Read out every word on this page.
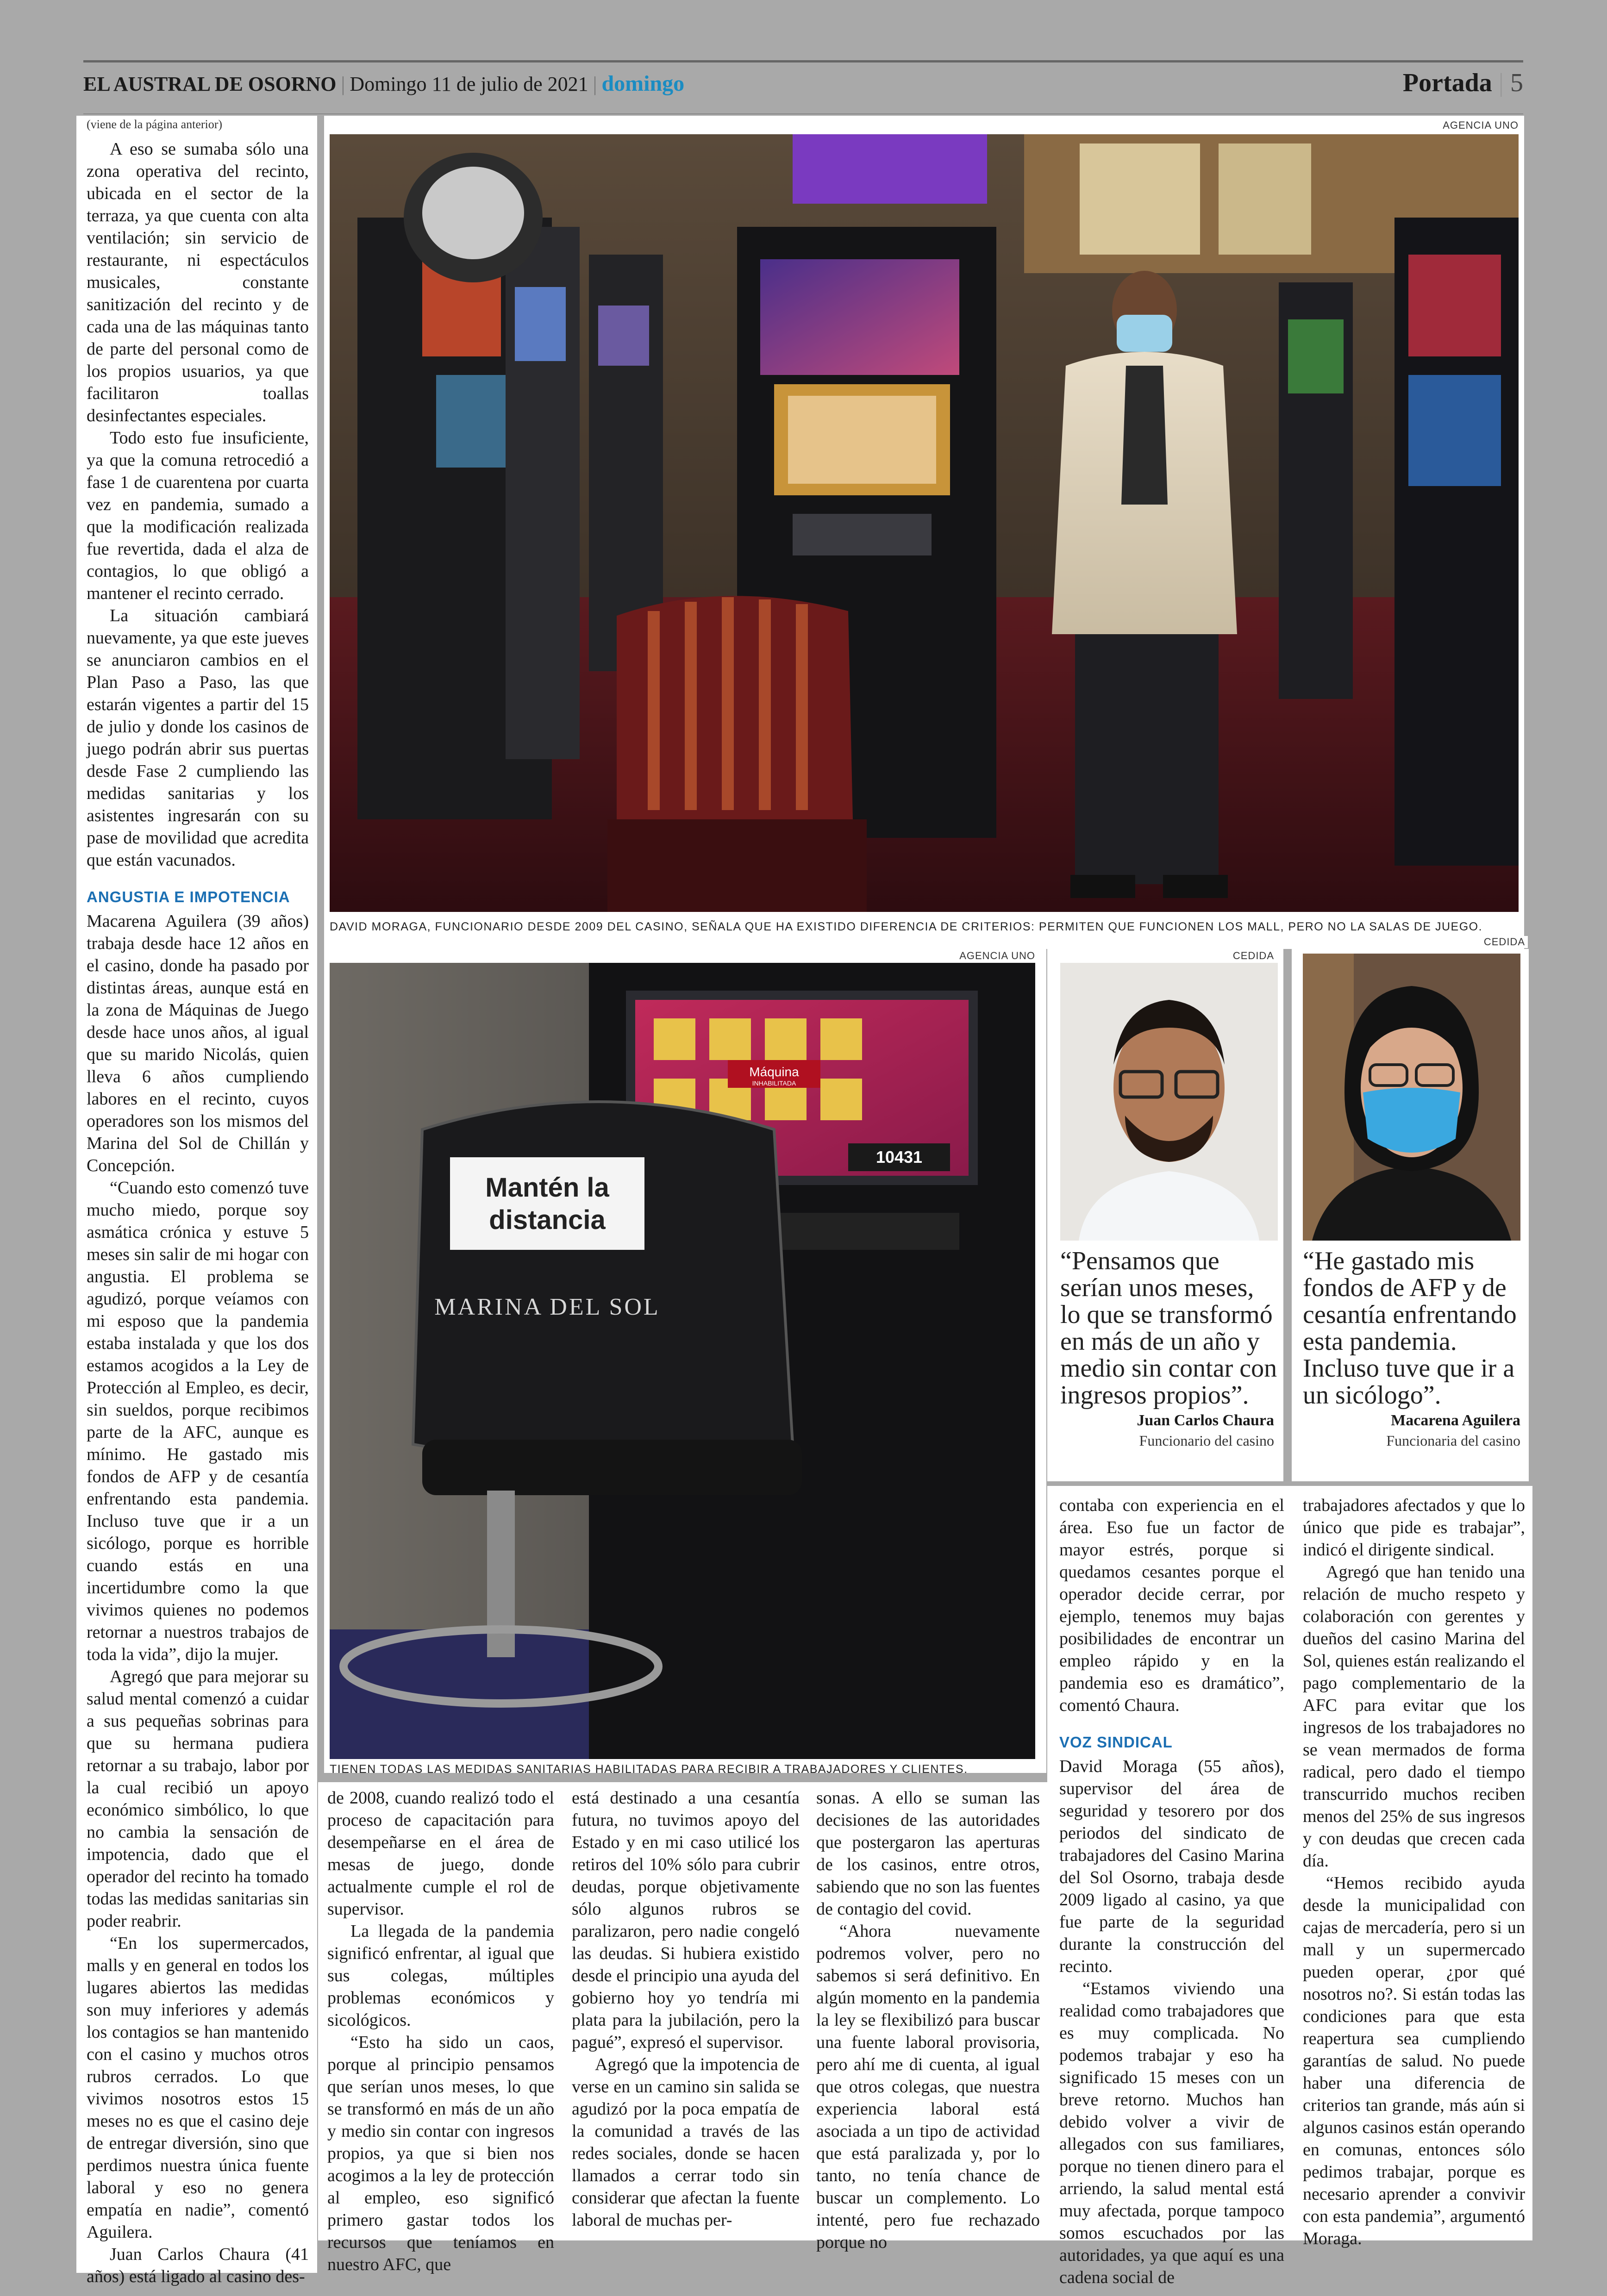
EL AUSTRAL DE OSORNO | Domingo 11 de julio de 2021 | domingo	Portada | 5
(viene de la página anterior)

A eso se sumaba sólo una zona operativa del recinto, ubicada en el sector de la terraza, ya que cuenta con alta ventilación; sin servicio de restaurante, ni espectáculos musicales, constante sanitización del recinto y de cada una de las máquinas tanto de parte del personal como de los propios usuarios, ya que facilitaron toallas desinfectantes especiales.

Todo esto fue insuficiente, ya que la comuna retrocedió a fase 1 de cuarentena por cuarta vez en pandemia, sumado a que la modificación realizada fue revertida, dada el alza de contagios, lo que obligó a mantener el recinto cerrado.

La situación cambiará nuevamente, ya que este jueves se anunciaron cambios en el Plan Paso a Paso, las que estarán vigentes a partir del 15 de julio y donde los casinos de juego podrán abrir sus puertas desde Fase 2 cumpliendo las medidas sanitarias y los asistentes ingresarán con su pase de movilidad que acredita que están vacunados.

ANGUSTIA E IMPOTENCIA

Macarena Aguilera (39 años) trabaja desde hace 12 años en el casino, donde ha pasado por distintas áreas, aunque está en la zona de Máquinas de Juego desde hace unos años, al igual que su marido Nicolás, quien lleva 6 años cumpliendo labores en el recinto, cuyos operadores son los mismos del Marina del Sol de Chillán y Concepción.

“Cuando esto comenzó tuve mucho miedo, porque soy asmática crónica y estuve 5 meses sin salir de mi hogar con angustia. El problema se agudizó, porque veíamos con mi esposo que la pandemia estaba instalada y que los dos estamos acogidos a la Ley de Protección al Empleo, es decir, sin sueldos, porque recibimos parte de la AFC, aunque es mínimo. He gastado mis fondos de AFP y de cesantía enfrentando esta pandemia. Incluso tuve que ir a un sicólogo, porque es horrible cuando estás en una incertidumbre como la que vivimos quienes no podemos retornar a nuestros trabajos de toda la vida”, dijo la mujer.

Agregó que para mejorar su salud mental comenzó a cuidar a sus pequeñas sobrinas para que su hermana pudiera retornar a su trabajo, labor por la cual recibió un apoyo económico simbólico, lo que no cambia la sensación de impotencia, dado que el operador del recinto ha tomado todas las medidas sanitarias sin poder reabrir.

“En los supermercados, malls y en general en todos los lugares abiertos las medidas son muy inferiores y además los contagios se han mantenido con el casino y muchos otros rubros cerrados. Lo que vivimos nosotros estos 15 meses no es que el casino deje de entregar diversión, sino que perdimos nuestra única fuente laboral y eso no genera empatía en nadie”, comentó Aguilera.

Juan Carlos Chaura (41 años) está ligado al casino des-

AGENCIA UNO
DAVID MORAGA, FUNCIONARIO DESDE 2009 DEL CASINO, SEÑALA QUE HA EXISTIDO DIFERENCIA DE CRITERIOS: PERMITEN QUE FUNCIONEN LOS MALL, PERO NO LA SALAS DE JUEGO.
AGENCIA UNO
Máquina
INHABILITADA
10431
Mantén la
distancia
MARINA DEL SOL
TIENEN TODAS LAS MEDIDAS SANITARIAS HABILITADAS PARA RECIBIR A TRABAJADORES Y CLIENTES.
CEDIDA
“Pensamos que serían unos meses, lo que se transformó en más de un año y medio sin contar con ingresos propios”.
Juan Carlos Chaura
Funcionario del casino
CEDIDA
“He gastado mis fondos de AFP y de cesantía enfrentando esta pandemia. Incluso tuve que ir a un sicólogo”.
Macarena Aguilera
Funcionaria del casino

de 2008, cuando realizó todo el proceso de capacitación para desempeñarse en el área de mesas de juego, donde actualmente cumple el rol de supervisor.

La llegada de la pandemia significó enfrentar, al igual que sus colegas, múltiples problemas económicos y sicológicos.

“Esto ha sido un caos, porque al principio pensamos que serían unos meses, lo que se transformó en más de un año y medio sin contar con ingresos propios, ya que si bien nos acogimos a la ley de protección al empleo, eso significó primero gastar todos los recursos que teníamos en nuestro AFC, que

está destinado a una cesantía futura, no tuvimos apoyo del Estado y en mi caso utilicé los retiros del 10% sólo para cubrir deudas, porque objetivamente sólo algunos rubros se paralizaron, pero nadie congeló las deudas. Si hubiera existido desde el principio una ayuda del gobierno hoy yo tendría mi plata para la jubilación, pero la pagué”, expresó el supervisor.

Agregó que la impotencia de verse en un camino sin salida se agudizó por la poca empatía de la comunidad a través de las redes sociales, donde se hacen llamados a cerrar todo sin considerar que afectan la fuente laboral de muchas per-

sonas. A ello se suman las decisiones de las autoridades que postergaron las aperturas de los casinos, entre otros, sabiendo que no son las fuentes de contagio del covid.

“Ahora nuevamente podremos volver, pero no sabemos si será definitivo. En algún momento en la pandemia la ley se flexibilizó para buscar una fuente laboral provisoria, pero ahí me di cuenta, al igual que otros colegas, que nuestra experiencia laboral está asociada a un tipo de actividad que está paralizada y, por lo tanto, no tenía chance de buscar un complemento. Lo intenté, pero fue rechazado porque no

contaba con experiencia en el área. Eso fue un factor de mayor estrés, porque si quedamos cesantes porque el operador decide cerrar, por ejemplo, tenemos muy bajas posibilidades de encontrar un empleo rápido y en la pandemia eso es dramático”, comentó Chaura.

VOZ SINDICAL

David Moraga (55 años), supervisor del área de seguridad y tesorero por dos periodos del sindicato de trabajadores del Casino Marina del Sol Osorno, trabaja desde 2009 ligado al casino, ya que fue parte de la seguridad durante la construcción del recinto.

“Estamos viviendo una realidad como trabajadores que es muy complicada. No podemos trabajar y eso ha significado 15 meses con un breve retorno. Muchos han debido volver a vivir de allegados con sus familiares, porque no tienen dinero para el arriendo, la salud mental está muy afectada, porque tampoco somos escuchados por las autoridades, ya que aquí es una cadena social de

trabajadores afectados y que lo único que pide es trabajar”, indicó el dirigente sindical.

Agregó que han tenido una relación de mucho respeto y colaboración con gerentes y dueños del casino Marina del Sol, quienes están realizando el pago complementario de la AFC para evitar que los ingresos de los trabajadores no se vean mermados de forma radical, pero dado el tiempo transcurrido muchos reciben menos del 25% de sus ingresos y con deudas que crecen cada día.

“Hemos recibido ayuda desde la municipalidad con cajas de mercadería, pero si un mall y un supermercado pueden operar, ¿por qué nosotros no?. Si están todas las condiciones para que esta reapertura sea cumpliendo garantías de salud. No puede haber una diferencia de criterios tan grande, más aún si algunos casinos están operando en comunas, entonces sólo pedimos trabajar, porque es necesario aprender a convivir con esta pandemia”, argumentó Moraga.
